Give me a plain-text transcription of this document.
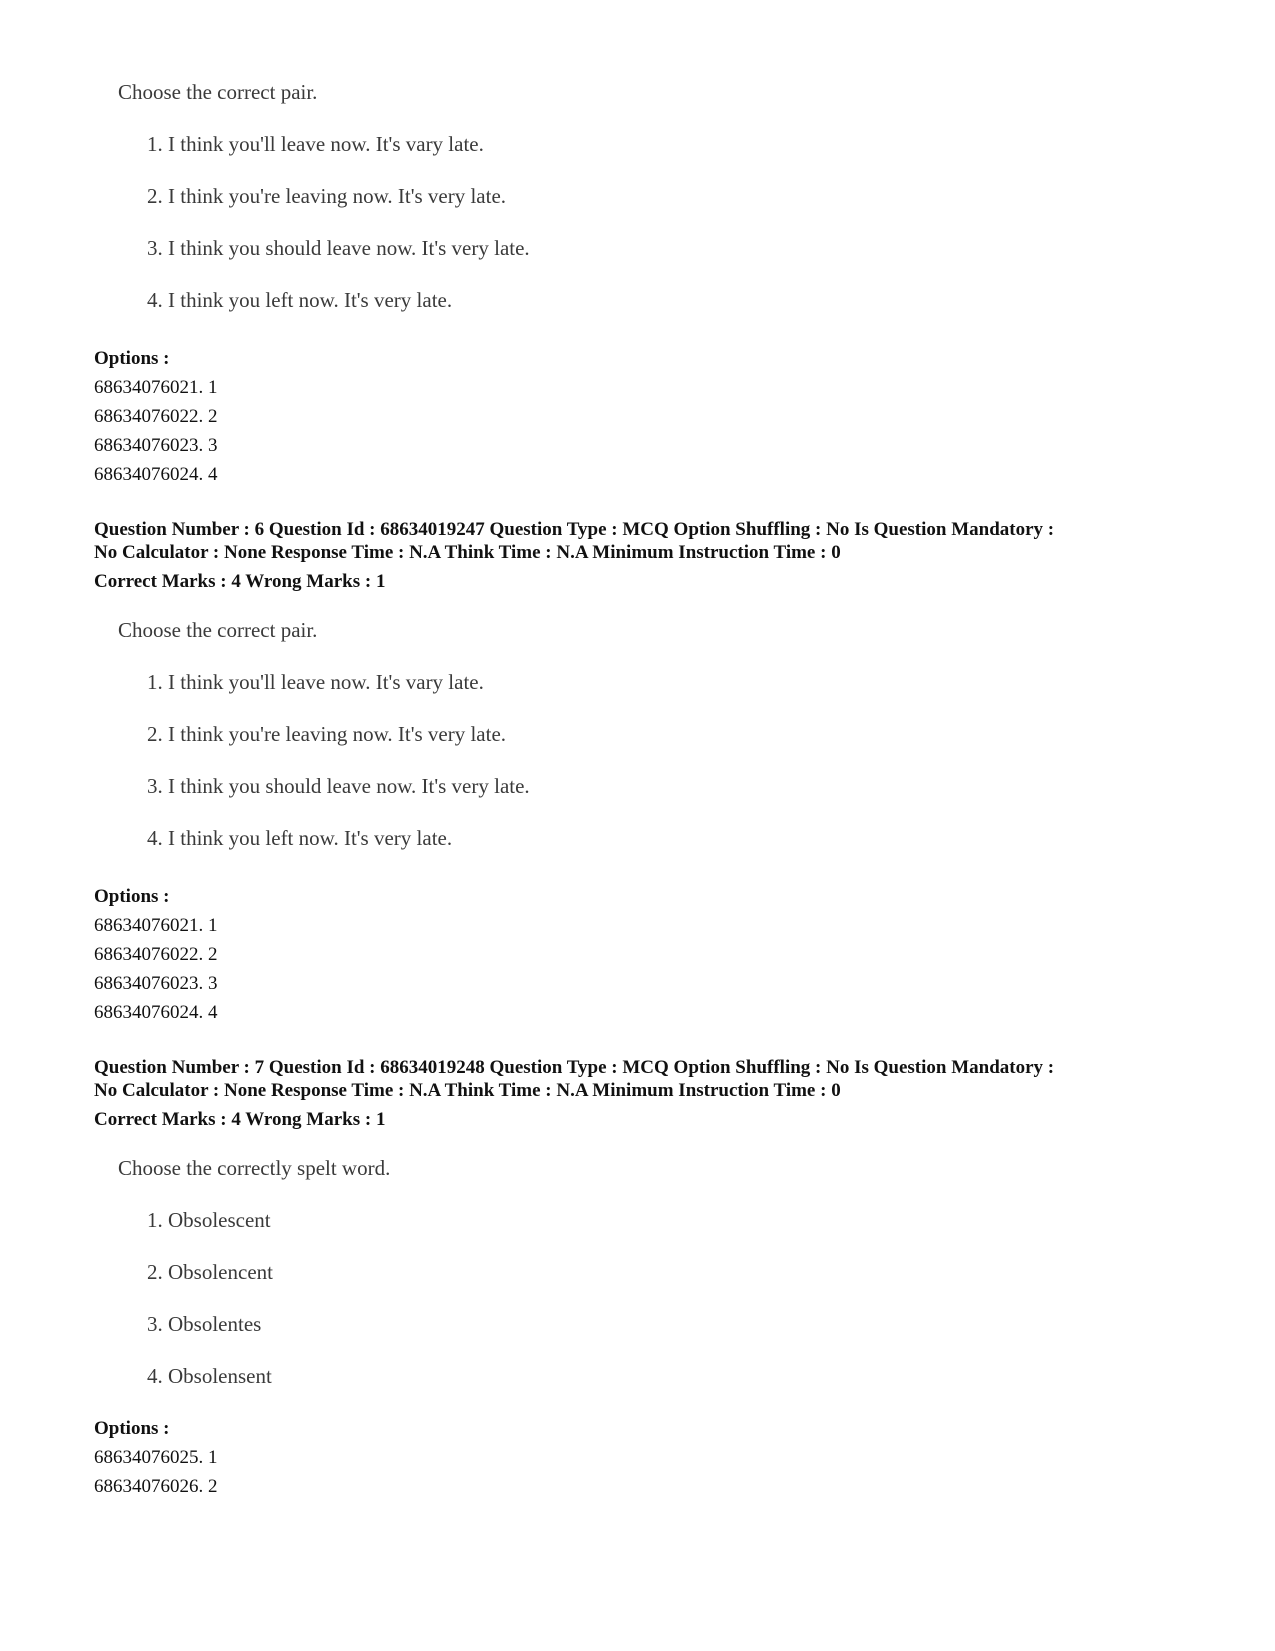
Choose the correct pair.
1. I think you'll leave now. It's vary late.
2. I think you're leaving now. It's very late.
3. I think you should leave now. It's very late.
4. I think you left now. It's very late.
Options :
68634076021. 1
68634076022. 2
68634076023. 3
68634076024. 4
Question Number : 6 Question Id : 68634019247 Question Type : MCQ Option Shuffling : No Is Question Mandatory :
No Calculator : None Response Time : N.A Think Time : N.A Minimum Instruction Time : 0
Correct Marks : 4 Wrong Marks : 1
Choose the correct pair.
1. I think you'll leave now. It's vary late.
2. I think you're leaving now. It's very late.
3. I think you should leave now. It's very late.
4. I think you left now. It's very late.
Options :
68634076021. 1
68634076022. 2
68634076023. 3
68634076024. 4
Question Number : 7 Question Id : 68634019248 Question Type : MCQ Option Shuffling : No Is Question Mandatory :
No Calculator : None Response Time : N.A Think Time : N.A Minimum Instruction Time : 0
Correct Marks : 4 Wrong Marks : 1
Choose the correctly spelt word.
1. Obsolescent
2. Obsolencent
3. Obsolentes
4. Obsolensent
Options :
68634076025. 1
68634076026. 2
